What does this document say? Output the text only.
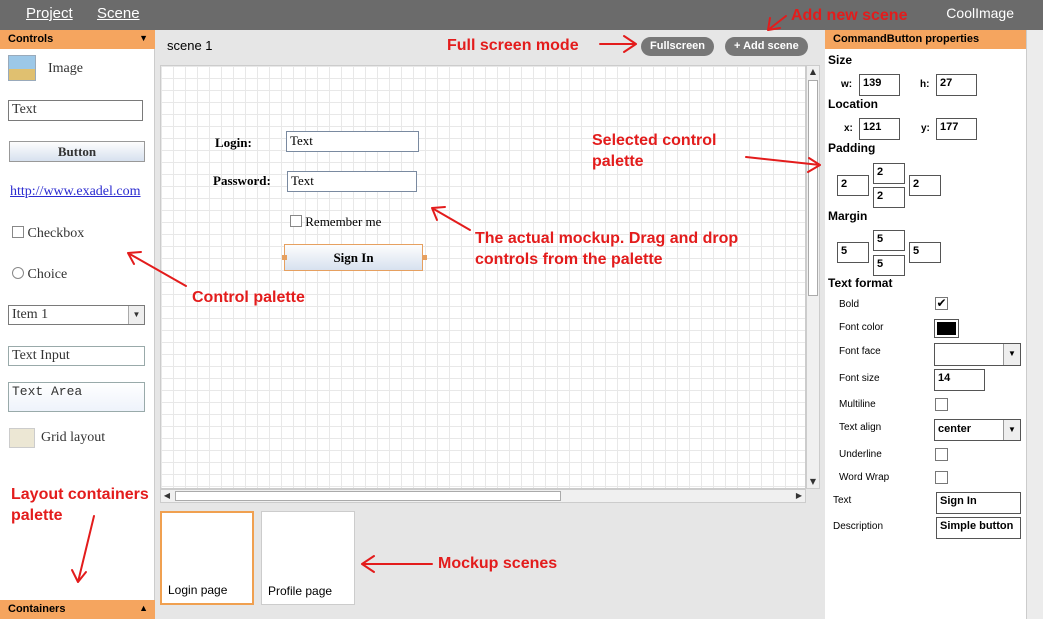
Project Scene	CoolImage
Controls	▼
Image
Text
Button
http://www.exadel.com
Checkbox
Choice
Item 1	▼
Text Input
Text Area
Grid layout
Containers	▲
scene 1	Fullscreen	+ Add scene
Login:	Text
Password:	Text
Remember me
Sign In
▲
▼
◀	▶
Login page	Profile page
CommandButton properties
Size
w: 139	h: 27
Location
x: 121	y: 177
Padding
2
2
2
2
Margin
5
5
5
5
Text format
Bold	✔
Font color
Font face	▼
Font size	14
Multiline
Text align	center	▼
Underline
Word Wrap
Text	Sign In
Description	Simple button
Add new scene
Full screen mode
Selected control palette
The actual mockup. Drag and drop controls from the palette
Control palette
Layout containers palette
Mockup scenes
